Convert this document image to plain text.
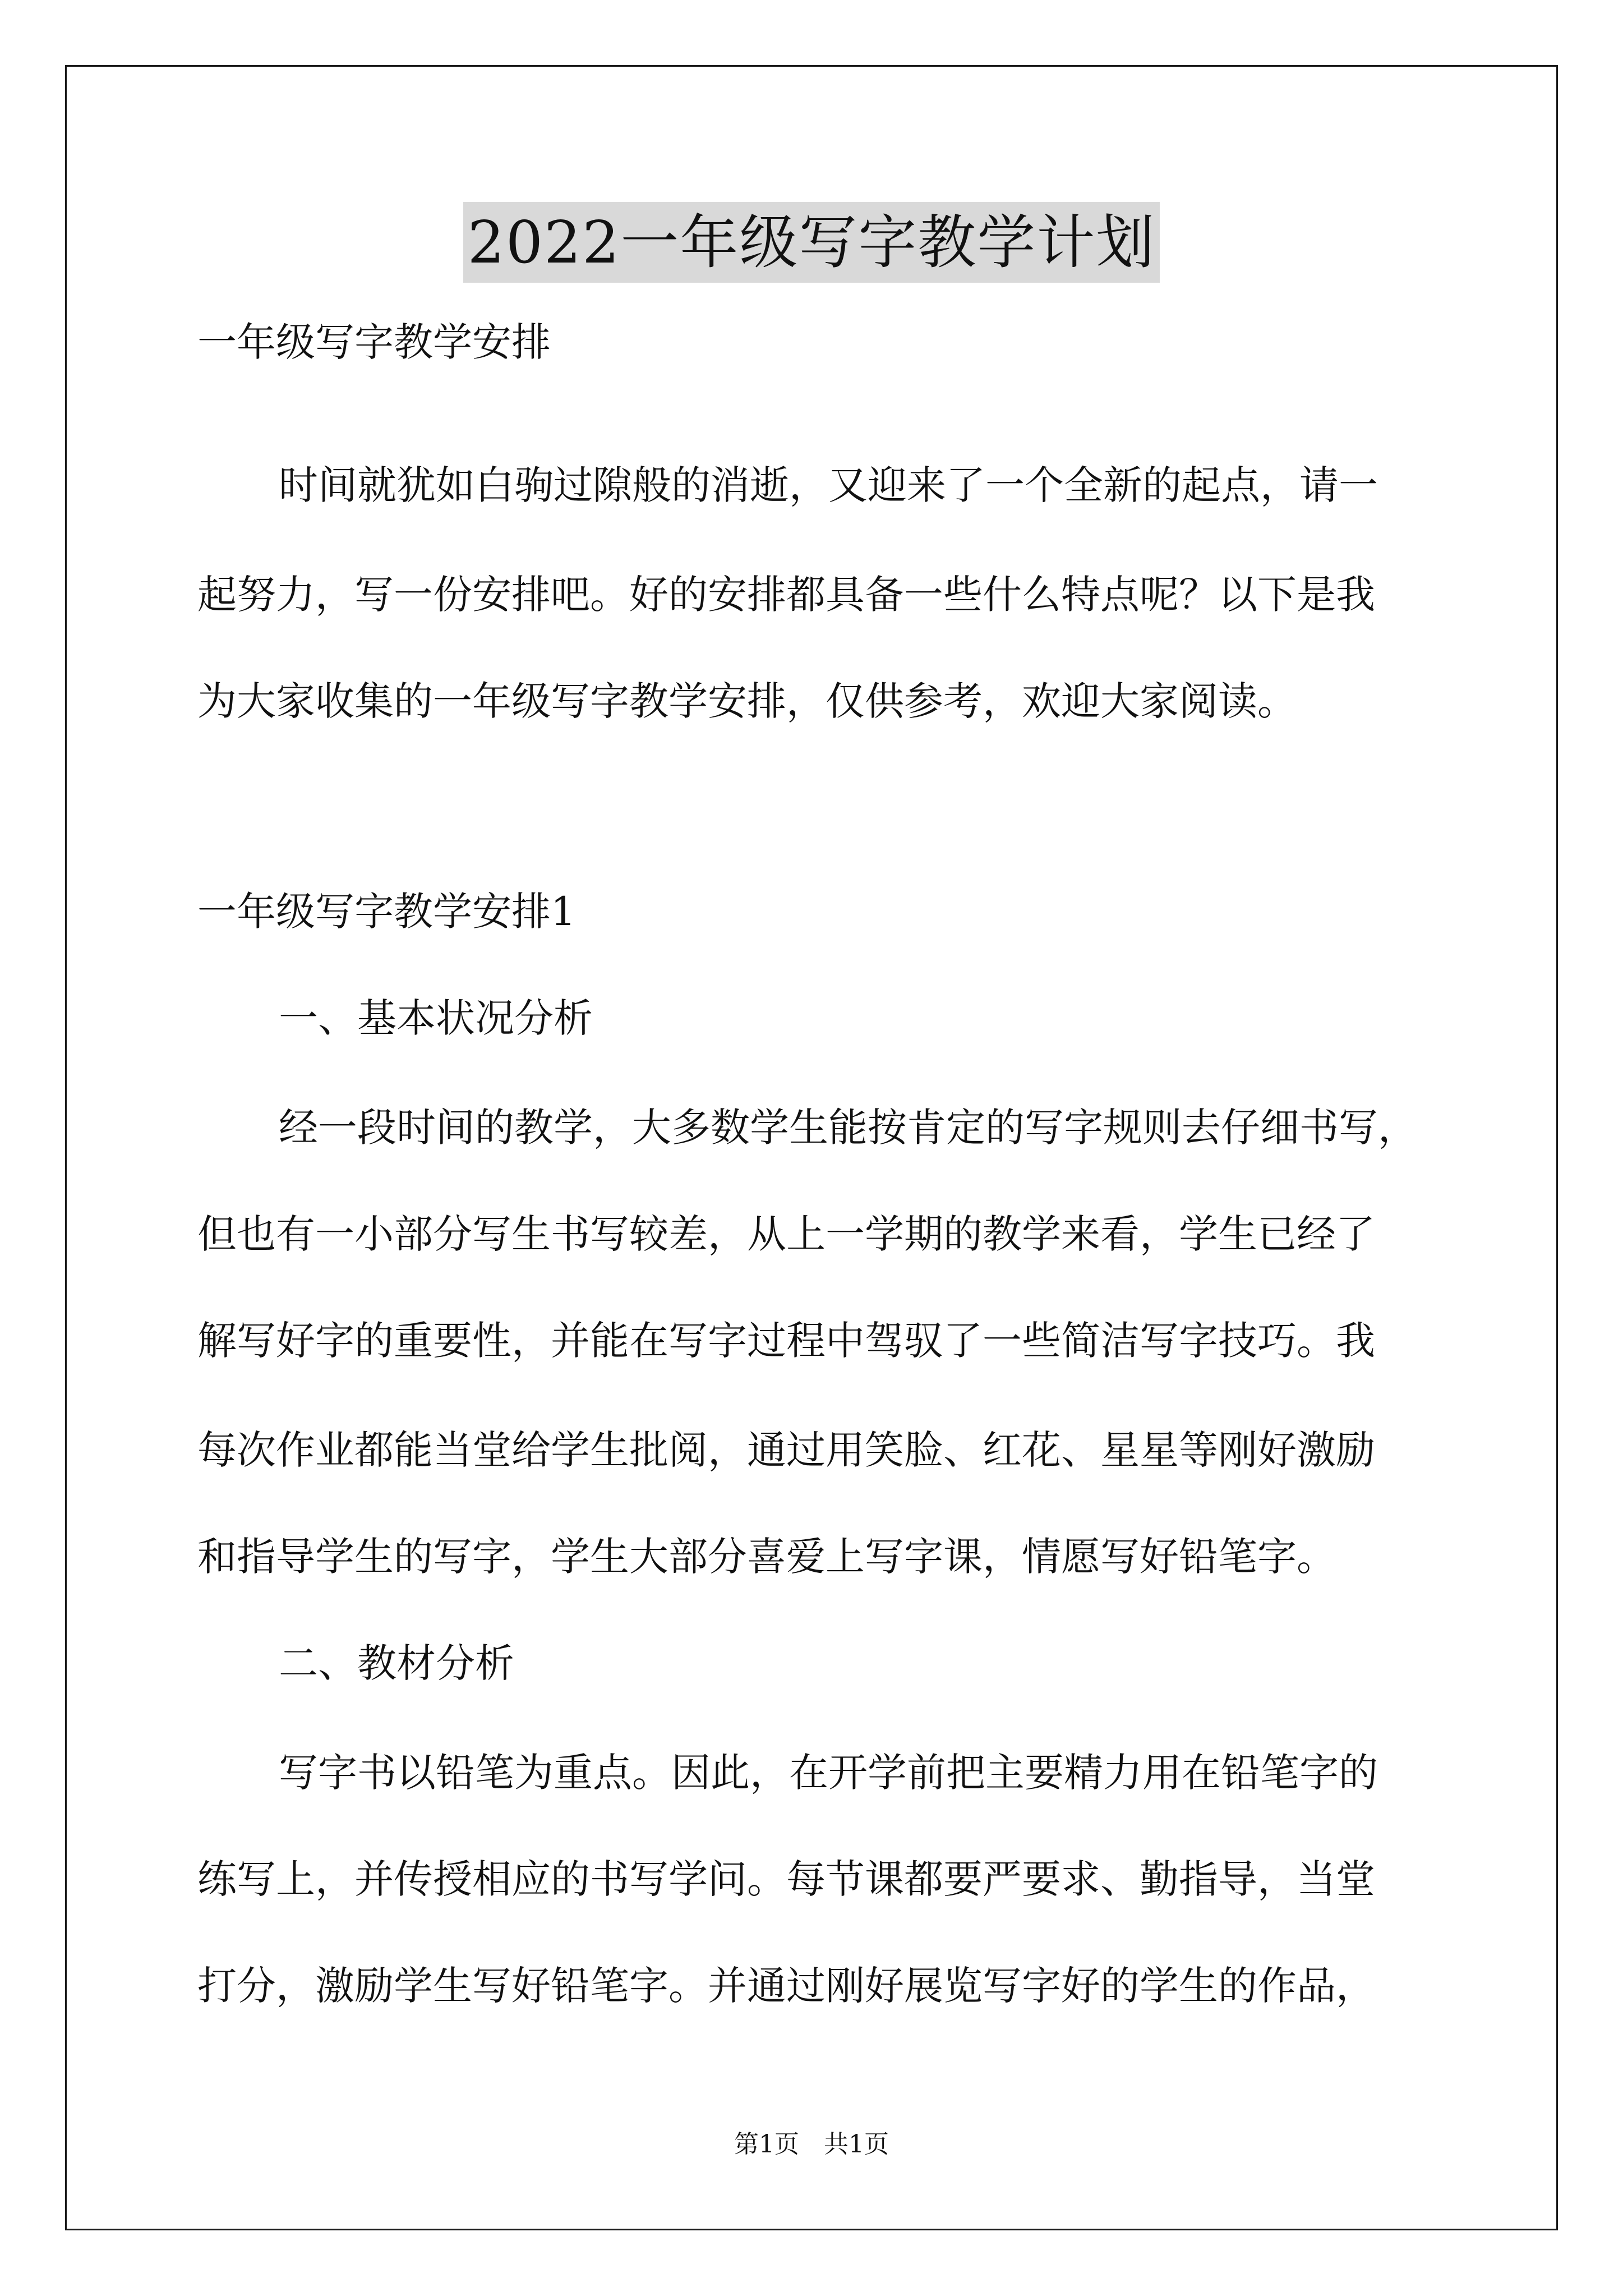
2022一年级写字教学计划
一年级写字教学安排
时间就犹如白驹过隙般的消逝，又迎来了一个全新的起点，请一
起努力，写一份安排吧。好的安排都具备一些什么特点呢？以下是我
为大家收集的一年级写字教学安排，仅供参考，欢迎大家阅读。
一年级写字教学安排1
一、基本状况分析
经一段时间的教学，大多数学生能按肯定的写字规则去仔细书写，
但也有一小部分写生书写较差，从上一学期的教学来看，学生已经了
解写好字的重要性，并能在写字过程中驾驭了一些简洁写字技巧。我
每次作业都能当堂给学生批阅，通过用笑脸、红花、星星等刚好激励
和指导学生的写字，学生大部分喜爱上写字课，情愿写好铅笔字。
二、教材分析
写字书以铅笔为重点。因此，在开学前把主要精力用在铅笔字的
练写上，并传授相应的书写学问。每节课都要严要求、勤指导，当堂
打分，激励学生写好铅笔字。并通过刚好展览写字好的学生的作品，
第1页　共1页
